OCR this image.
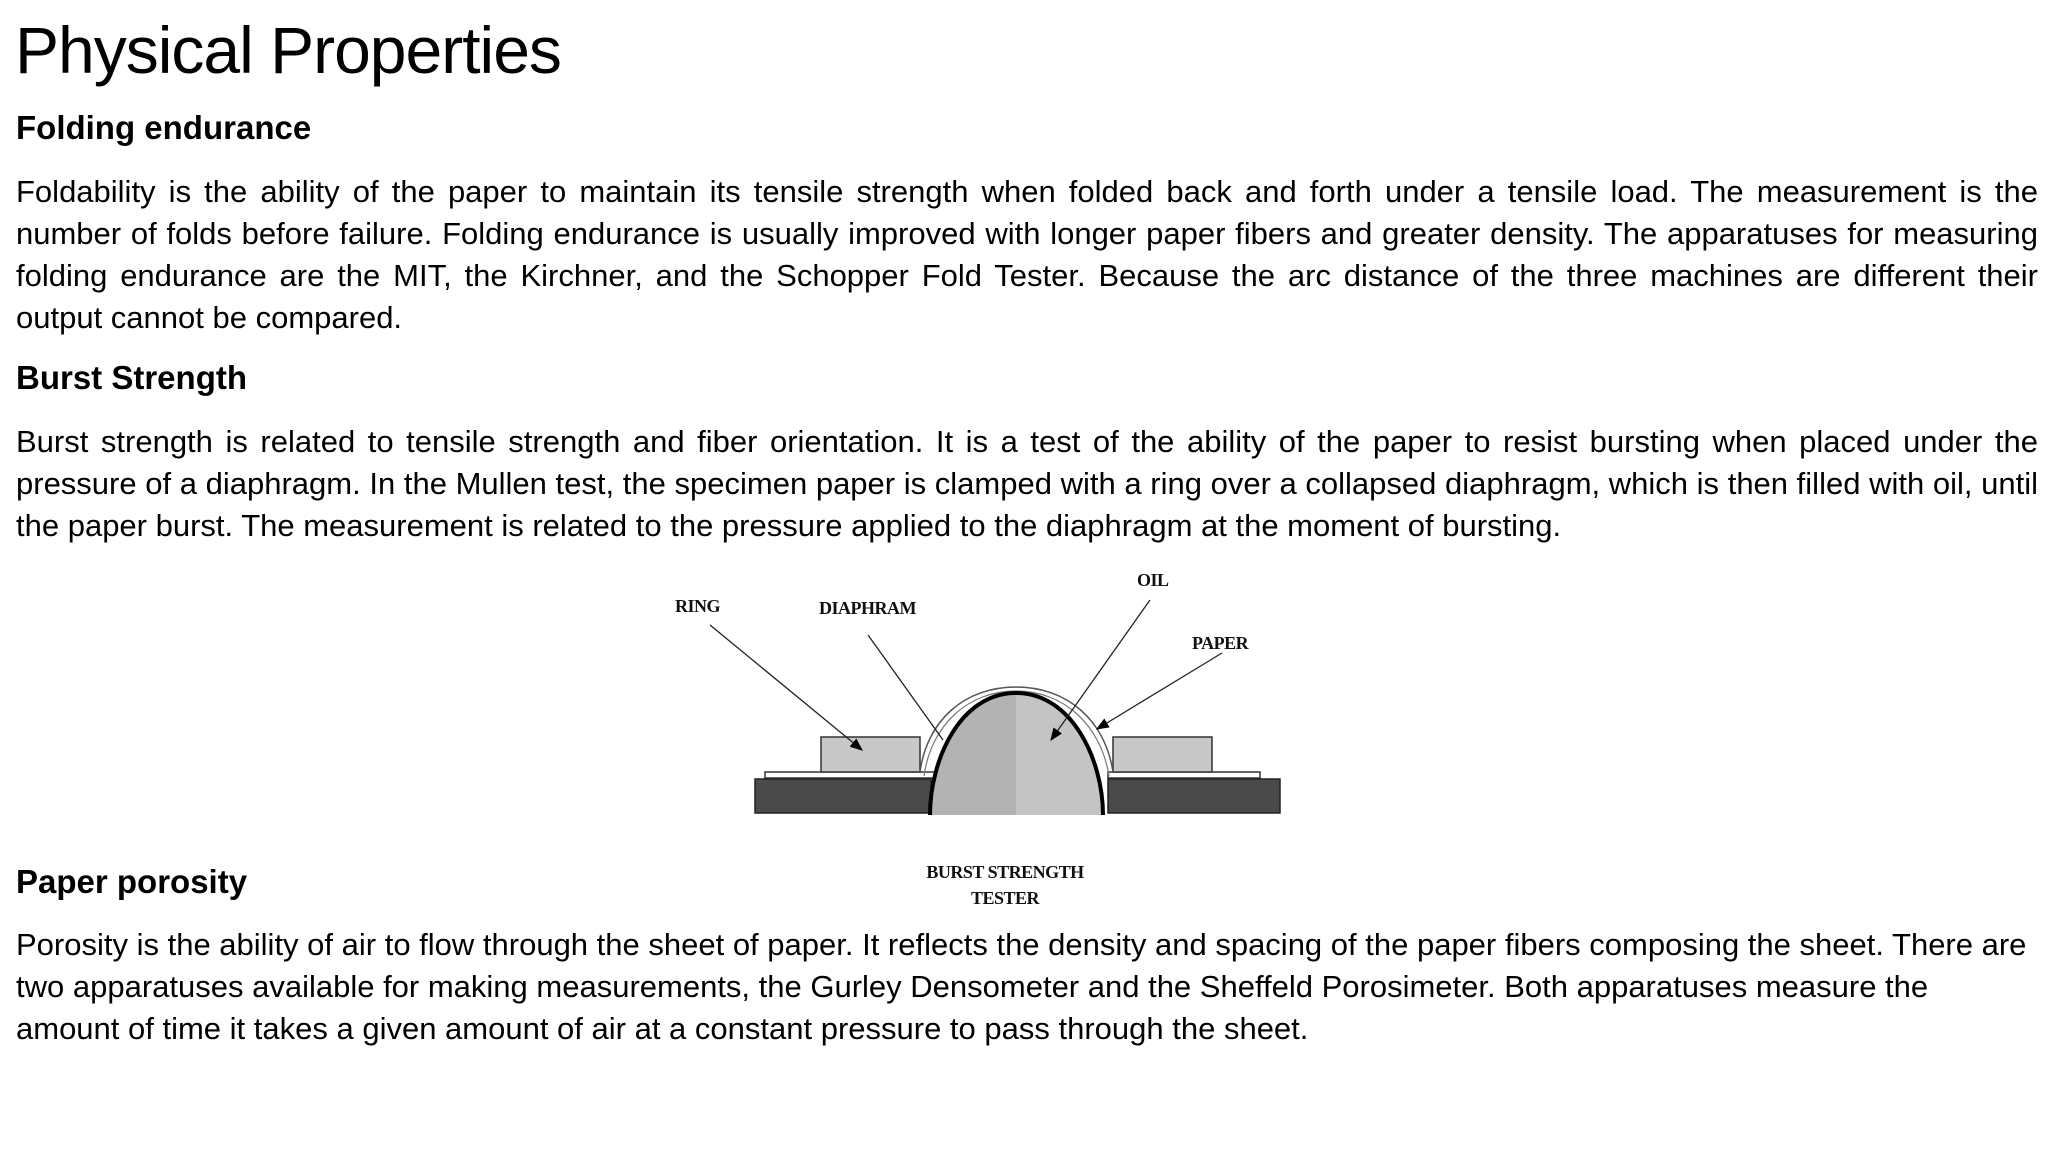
Physical Properties
Folding endurance

Foldability is the ability of the paper to maintain its tensile strength when folded back and forth under a tensile load. The measurement is the number of folds before failure. Folding endurance is usually improved with longer paper fibers and greater density. The apparatuses for measuring folding endurance are the MIT, the Kirchner, and the Schopper Fold Tester. Because the arc distance of the three machines are different their output cannot be compared.

Burst Strength

Burst strength is related to tensile strength and fiber orientation. It is a test of the ability of the paper to resist bursting when placed under the pressure of a diaphragm. In the Mullen test, the specimen paper is clamped with a ring over a collapsed diaphragm, which is then filled with oil, until the paper burst. The measurement is related to the pressure applied to the diaphragm at the moment of bursting.

RING	DIAPHRAM
OIL
PAPER
BURST STRENGTH
TESTER
Paper porosity

Porosity is the ability of air to flow through the sheet of paper. It reflects the density and spacing of the paper fibers composing the sheet. There are two apparatuses available for making measurements, the Gurley Densometer and the Sheffeld Porosimeter. Both apparatuses measure the amount of time it takes a given amount of air at a constant pressure to pass through the sheet.
